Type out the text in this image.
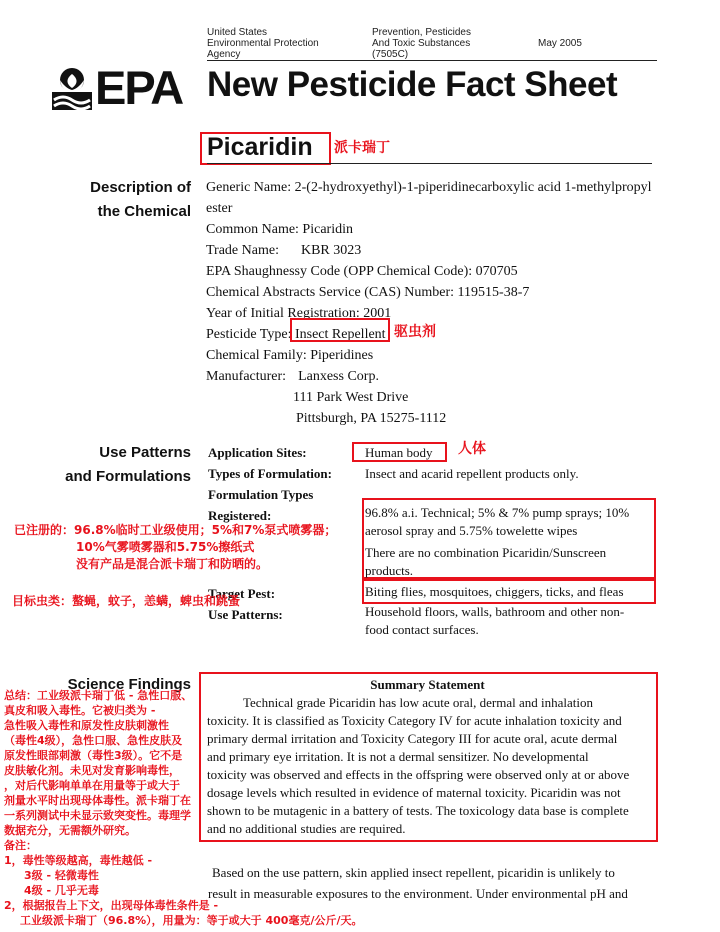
United States
Environmental Protection
Agency
Prevention, Pesticides
And Toxic Substances
(7505C)
May 2005
EPA New Pesticide Fact Sheet
Picaridin 派卡瑞丁
Description of
the Chemical
Generic Name: 2-(2-hydroxyethyl)-1-piperidinecarboxylic acid 1-methylpropyl
ester
Common Name: Picaridin
Trade Name: KBR 3023
EPA Shaughnessy Code (OPP Chemical Code): 070705
Chemical Abstracts Service (CAS) Number: 119515-38-7
Year of Initial Registration: 2001
Pesticide Type: Insect Repellent
Chemical Family: Piperidines
Manufacturer: Lanxess Corp.
111 Park West Drive
Pittsburgh, PA 15275-1112
驱虫剂
Use Patterns
and Formulations
Application Sites:
Types of Formulation:
Formulation Types
Registered:
Human body 人体
Insect and acarid repellent products only.
96.8% a.i. Technical; 5% & 7% pump sprays; 10%
aerosol spray and 5.75% towelette wipes
There are no combination Picaridin/Sunscreen
products.
已注册的：96.8%临时工业级使用；5%和7%泵式喷雾器；
10%气雾喷雾器和5.75%擦纸式
没有产品是混合派卡瑞丁和防晒的。
Target Pest:
Use Patterns:
Biting flies, mosquitoes, chiggers, ticks, and fleas
目标虫类：螯蝇，蚊子，恙螨，蜱虫和跳蚤
Household floors, walls, bathroom and other non-
food contact surfaces.
Science Findings	Summary Statement
Technical grade Picaridin has low acute oral, dermal and inhalation
toxicity. It is classified as Toxicity Category IV for acute inhalation toxicity and
primary dermal irritation and Toxicity Category III for acute oral, acute dermal
and primary eye irritation. It is not a dermal sensitizer. No developmental
toxicity was observed and effects in the offspring were observed only at or above
dosage levels which resulted in evidence of maternal toxicity. Picaridin was not
shown to be mutagenic in a battery of tests. The toxicology data base is complete
and no additional studies are required.
Based on the use pattern, skin applied insect repellent, picaridin is unlikely to
result in measurable exposures to the environment. Under environmental pH and
总结：工业级派卡瑞丁低 - 急性口服、
真皮和吸入毒性。它被归类为 -
急性吸入毒性和原发性皮肤刺激性
（毒性4级），急性口服、急性皮肤及
原发性眼部刺激（毒性3级）。它不是
皮肤敏化剂。未见对发育影响毒性，
，对后代影响单单在用量等于或大于
剂量水平时出现母体毒性。派卡瑞丁在
一系列测试中未显示致突变性。毒理学
数据充分，无需额外研究。
备注：
1，毒性等级越高，毒性越低 -
3级 - 轻微毒性
4级 - 几乎无毒
2，根据报告上下文，出现母体毒性条件是 -
工业级派卡瑞丁（96.8%），用量为：等于或大于 400毫克/公斤/天。
